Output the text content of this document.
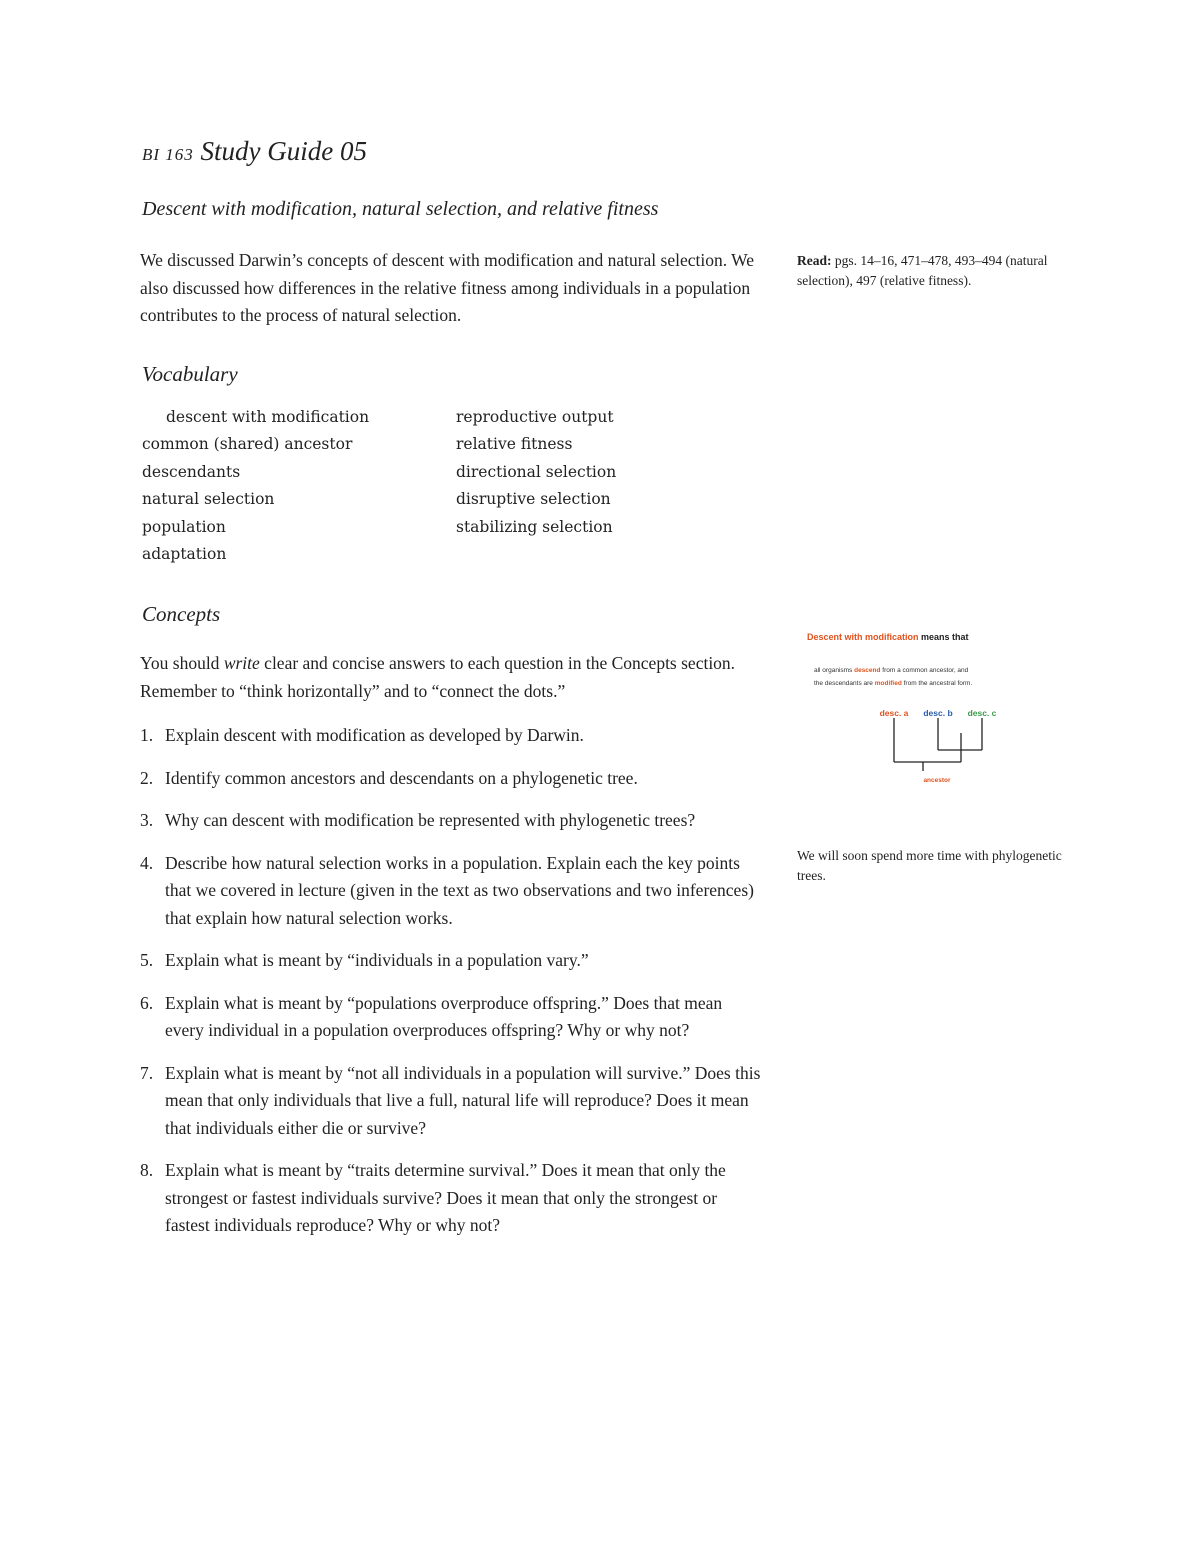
BI 163 Study Guide 05
Descent with modification, natural selection, and relative fitness

We discussed Darwin’s concepts of descent with modification and natural selection. We also discussed how differences in the relative fitness among individuals in a population contributes to the process of natural selection.

Read: pgs. 14–16, 471–478, 493–494 (natural selection), 497 (relative fitness).

Vocabulary
descent with modification
common (shared) ancestor
descendants
natural selection
population
adaptation
reproductive output
relative fitness
directional selection
disruptive selection
stabilizing selection
Concepts

You should write clear and concise answers to each question in the Concepts section. Remember to “think horizontally” and to “connect the dots.”

1. Explain descent with modification as developed by Darwin.
2. Identify common ancestors and descendants on a phylogenetic tree.
3. Why can descent with modification be represented with phylogenetic trees?
4. Describe how natural selection works in a population. Explain each the key points that we covered in lecture (given in the text as two observations and two inferences) that explain how natural selection works.
5. Explain what is meant by “individuals in a population vary.”
6. Explain what is meant by “populations overproduce offspring.” Does that mean every individual in a population overproduces offspring? Why or why not?
7. Explain what is meant by “not all individuals in a population will survive.” Does this mean that only individuals that live a full, natural life will reproduce? Does it mean that individuals either die or survive?
8. Explain what is meant by “traits determine survival.” Does it mean that only the strongest or fastest individuals survive? Does it mean that only the strongest or fastest individuals reproduce? Why or why not?

Descent with modification means that

all organisms descend from a common ancestor, and
the descendants are modified from the ancestral form.

desc. a desc. b desc. c
ancestor

We will soon spend more time with phylogenetic trees.
